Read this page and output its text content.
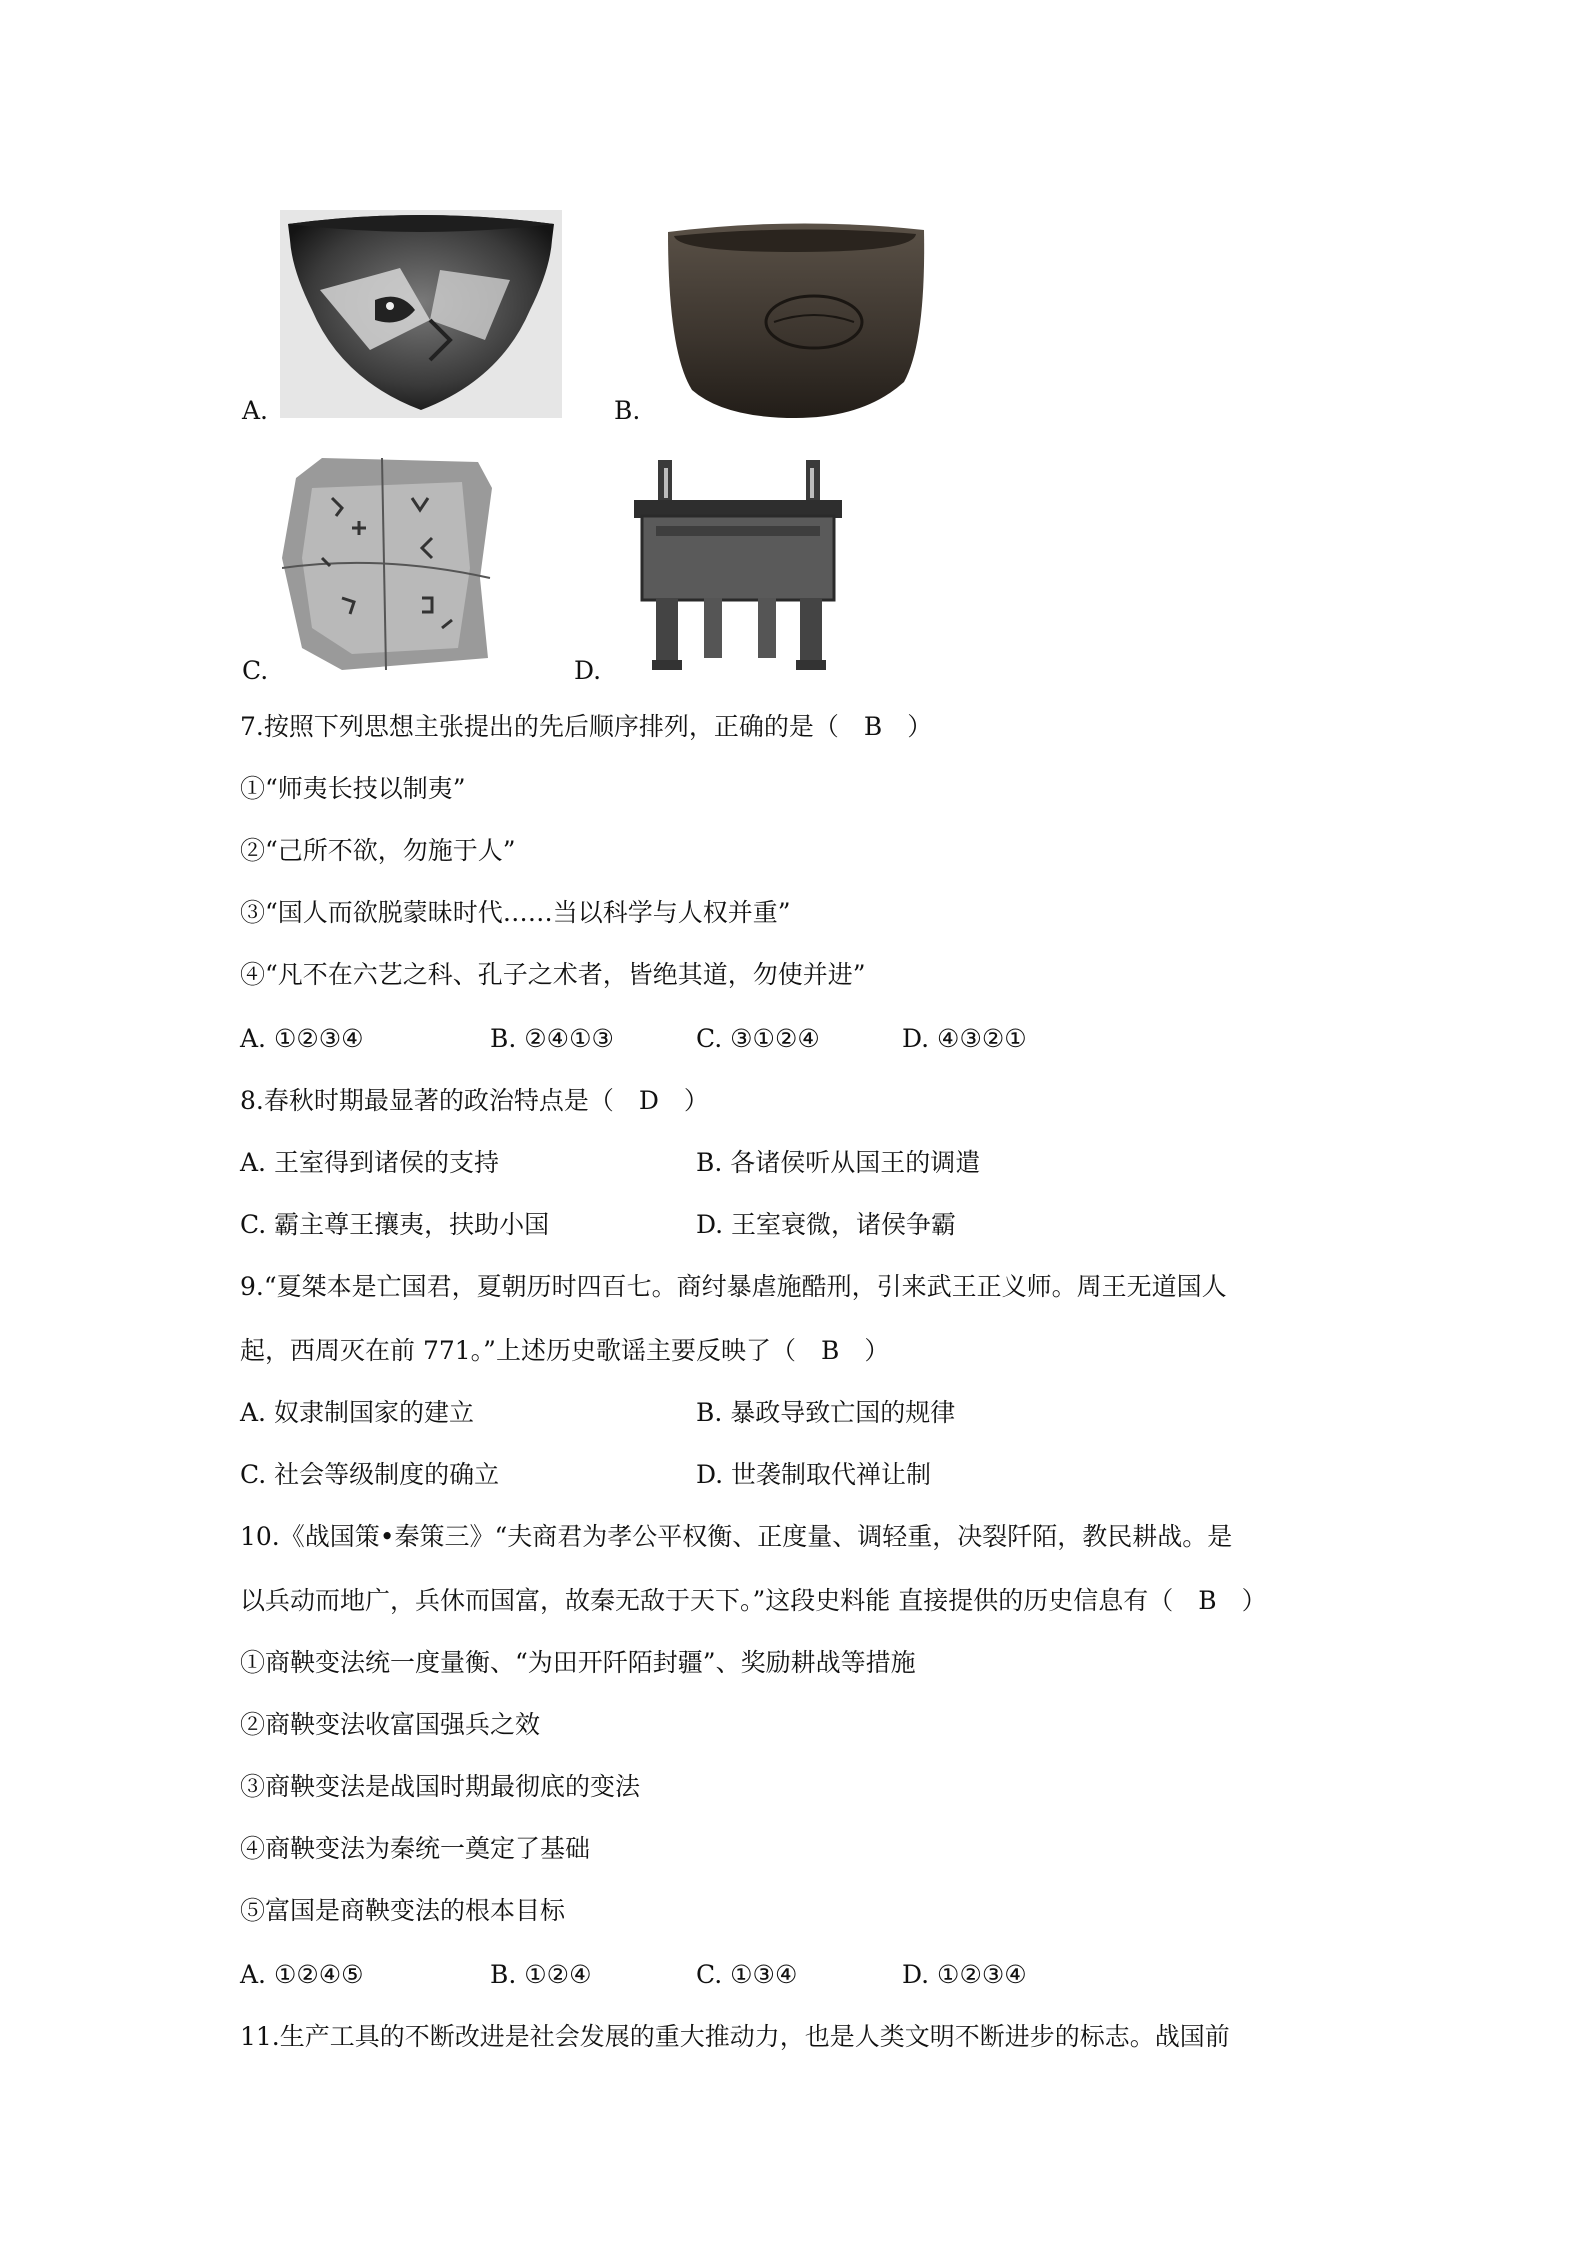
A.	B.
C.	D.
7.按照下列思想主张提出的先后顺序排列，正确的是（　B　）
①“师夷长技以制夷”
②“己所不欲，勿施于人”
③“国人而欲脱蒙昧时代……当以科学与人权并重”
④“凡不在六艺之科、孔子之术者，皆绝其道，勿使并进”
A. ①②③④	B. ②④①③	C. ③①②④	D. ④③②①
8.春秋时期最显著的政治特点是（　D　）
A. 王室得到诸侯的支持	B. 各诸侯听从国王的调遣
C. 霸主尊王攘夷，扶助小国	D. 王室衰微，诸侯争霸
9.“夏桀本是亡国君，夏朝历时四百七。商纣暴虐施酷刑，引来武王正义师。周王无道国人
起，西周灭在前 771。”上述历史歌谣主要反映了（　B　）
A. 奴隶制国家的建立	B. 暴政导致亡国的规律
C. 社会等级制度的确立	D. 世袭制取代禅让制
10.《战国策•秦策三》“夫商君为孝公平权衡、正度量、调轻重，决裂阡陌，教民耕战。是
以兵动而地广，兵休而国富，故秦无敌于天下。”这段史料能 直接提供的历史信息有（　B　）
①商鞅变法统一度量衡、“为田开阡陌封疆”、奖励耕战等措施
②商鞅变法收富国强兵之效
③商鞅变法是战国时期最彻底的变法
④商鞅变法为秦统一奠定了基础
⑤富国是商鞅变法的根本目标
A. ①②④⑤	B. ①②④	C. ①③④	D. ①②③④
11.生产工具的不断改进是社会发展的重大推动力，也是人类文明不断进步的标志。战国前
